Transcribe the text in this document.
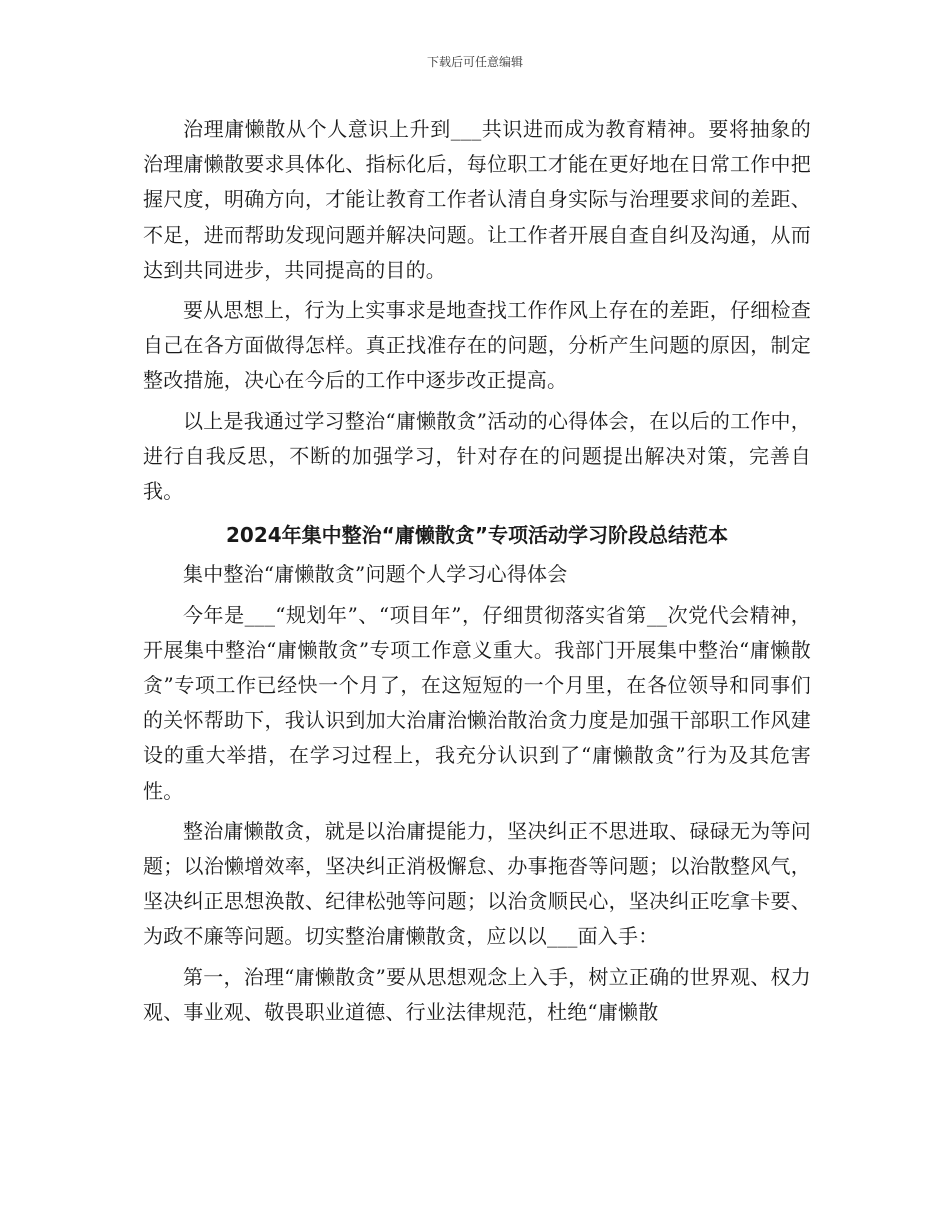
下载后可任意编辑

治理庸懒散从个人意识上升到___共识进而成为教育精神。要将抽象的治理庸懒散要求具体化、指标化后，每位职工才能在更好地在日常工作中把握尺度，明确方向，才能让教育工作者认清自身实际与治理要求间的差距、不足，进而帮助发现问题并解决问题。让工作者开展自查自纠及沟通，从而达到共同进步，共同提高的目的。

要从思想上，行为上实事求是地查找工作作风上存在的差距，仔细检查自己在各方面做得怎样。真正找准存在的问题，分析产生问题的原因，制定整改措施，决心在今后的工作中逐步改正提高。

以上是我通过学习整治“庸懒散贪”活动的心得体会，在以后的工作中，进行自我反思，不断的加强学习，针对存在的问题提出解决对策，完善自我。

2024年集中整治“庸懒散贪”专项活动学习阶段总结范本

集中整治“庸懒散贪”问题个人学习心得体会

今年是___“规划年”、“项目年”，仔细贯彻落实省第__次党代会精神，开展集中整治“庸懒散贪”专项工作意义重大。我部门开展集中整治“庸懒散贪”专项工作已经快一个月了，在这短短的一个月里，在各位领导和同事们的关怀帮助下，我认识到加大治庸治懒治散治贪力度是加强干部职工作风建设的重大举措，在学习过程上，我充分认识到了“庸懒散贪”行为及其危害性。

整治庸懒散贪，就是以治庸提能力，坚决纠正不思进取、碌碌无为等问题；以治懒增效率，坚决纠正消极懈怠、办事拖沓等问题；以治散整风气，坚决纠正思想涣散、纪律松弛等问题；以治贪顺民心，坚决纠正吃拿卡要、为政不廉等问题。切实整治庸懒散贪，应以以___面入手：

第一，治理“庸懒散贪”要从思想观念上入手，树立正确的世界观、权力观、事业观、敬畏职业道德、行业法律规范，杜绝“庸懒散
